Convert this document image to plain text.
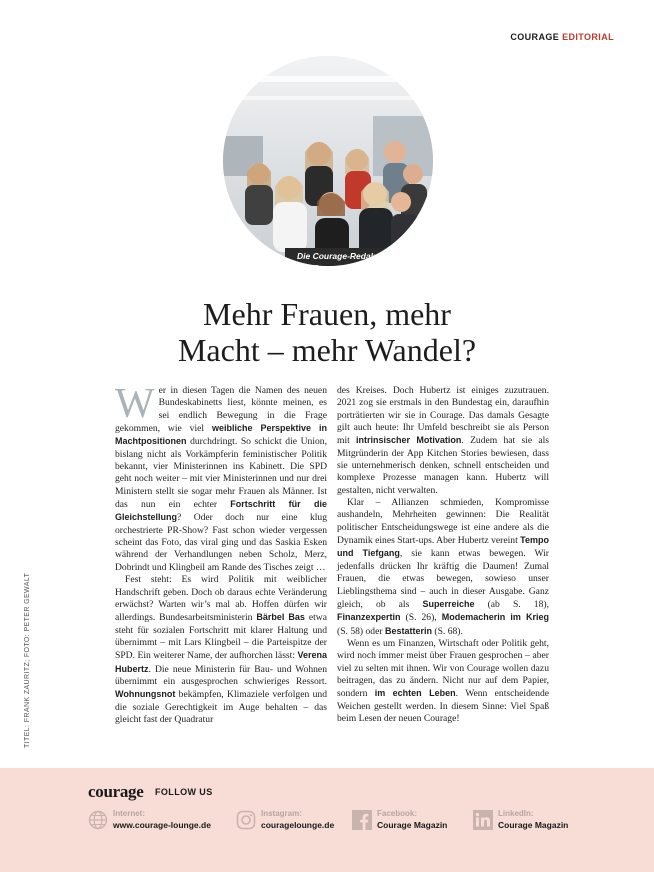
COURAGE EDITORIAL
Die Courage-Redaktion
Mehr Frauen, mehr
Macht – mehr Wandel?
W er in diesen Tagen die Namen des neuen Bundeskabinetts liest, könnte meinen, es sei endlich Bewegung in die Frage gekommen, wie viel weibliche Perspektive in Machtpositionen durchdringt. So schickt die Union, bislang nicht als Vorkämpferin feministischer Politik bekannt, vier Ministerinnen ins Kabinett. Die SPD geht noch weiter – mit vier Ministerinnen und nur drei Ministern stellt sie sogar mehr Frauen als Männer. Ist das nun ein echter Fortschritt für die Gleichstellung? Oder doch nur eine klug orchestrierte PR-Show? Fast schon wieder vergessen scheint das Foto, das viral ging und das Saskia Esken während der Verhandlungen neben Scholz, Merz, Dobrindt und Klingbeil am Rande des Tisches zeigt …

Fest steht: Es wird Politik mit weiblicher Handschrift geben. Doch ob daraus echte Veränderung erwächst? Warten wir’s mal ab. Hoffen dürfen wir allerdings. Bundesarbeitsministerin Bärbel Bas etwa steht für sozialen Fortschritt mit klarer Haltung und übernimmt – mit Lars Klingbeil – die Parteispitze der SPD. Ein weiterer Name, der aufhorchen lässt: Verena Hubertz. Die neue Ministerin für Bau- und Wohnen übernimmt ein ausgesprochen schwieriges Ressort. Wohnungsnot bekämpfen, Klimaziele verfolgen und die soziale Gerechtigkeit im Auge behalten – das gleicht fast der Quadratur

des Kreises. Doch Hubertz ist einiges zuzutrauen. 2021 zog sie erstmals in den Bundestag ein, daraufhin porträtierten wir sie in Courage. Das damals Gesagte gilt auch heute: Ihr Umfeld beschreibt sie als Person mit intrinsischer Motivation. Zudem hat sie als Mitgründerin der App Kitchen Stories bewiesen, dass sie unternehmerisch denken, schnell entscheiden und komplexe Prozesse managen kann. Hubertz will gestalten, nicht verwalten.

Klar – Allianzen schmieden, Kompromisse aushandeln, Mehrheiten gewinnen: Die Realität politischer Entscheidungswege ist eine andere als die Dynamik eines Start-ups. Aber Hubertz vereint Tempo und Tiefgang, sie kann etwas bewegen. Wir jedenfalls drücken Ihr kräftig die Daumen! Zumal Frauen, die etwas bewegen, sowieso unser Lieblingsthema sind – auch in dieser Ausgabe. Ganz gleich, ob als Superreiche (ab S. 18), Finanzexpertin (S. 26), Modemacherin im Krieg (S. 58) oder Bestatterin (S. 68).

Wenn es um Finanzen, Wirtschaft oder Politik geht, wird noch immer meist über Frauen gesprochen – aber viel zu selten mit ihnen. Wir von Courage wollen dazu beitragen, das zu ändern. Nicht nur auf dem Papier, sondern im echten Leben. Wenn entscheidende Weichen gestellt werden. In diesem Sinne: Viel Spaß beim Lesen der neuen Courage!

TITEL: FRANK ZAURITZ; FOTO: PETER GEWALT
courage FOLLOW US
Internet:
www.courage-lounge.de
Instagram:
couragelounge.de
Facebook:
Courage Magazin
LinkedIn:
Courage Magazin
